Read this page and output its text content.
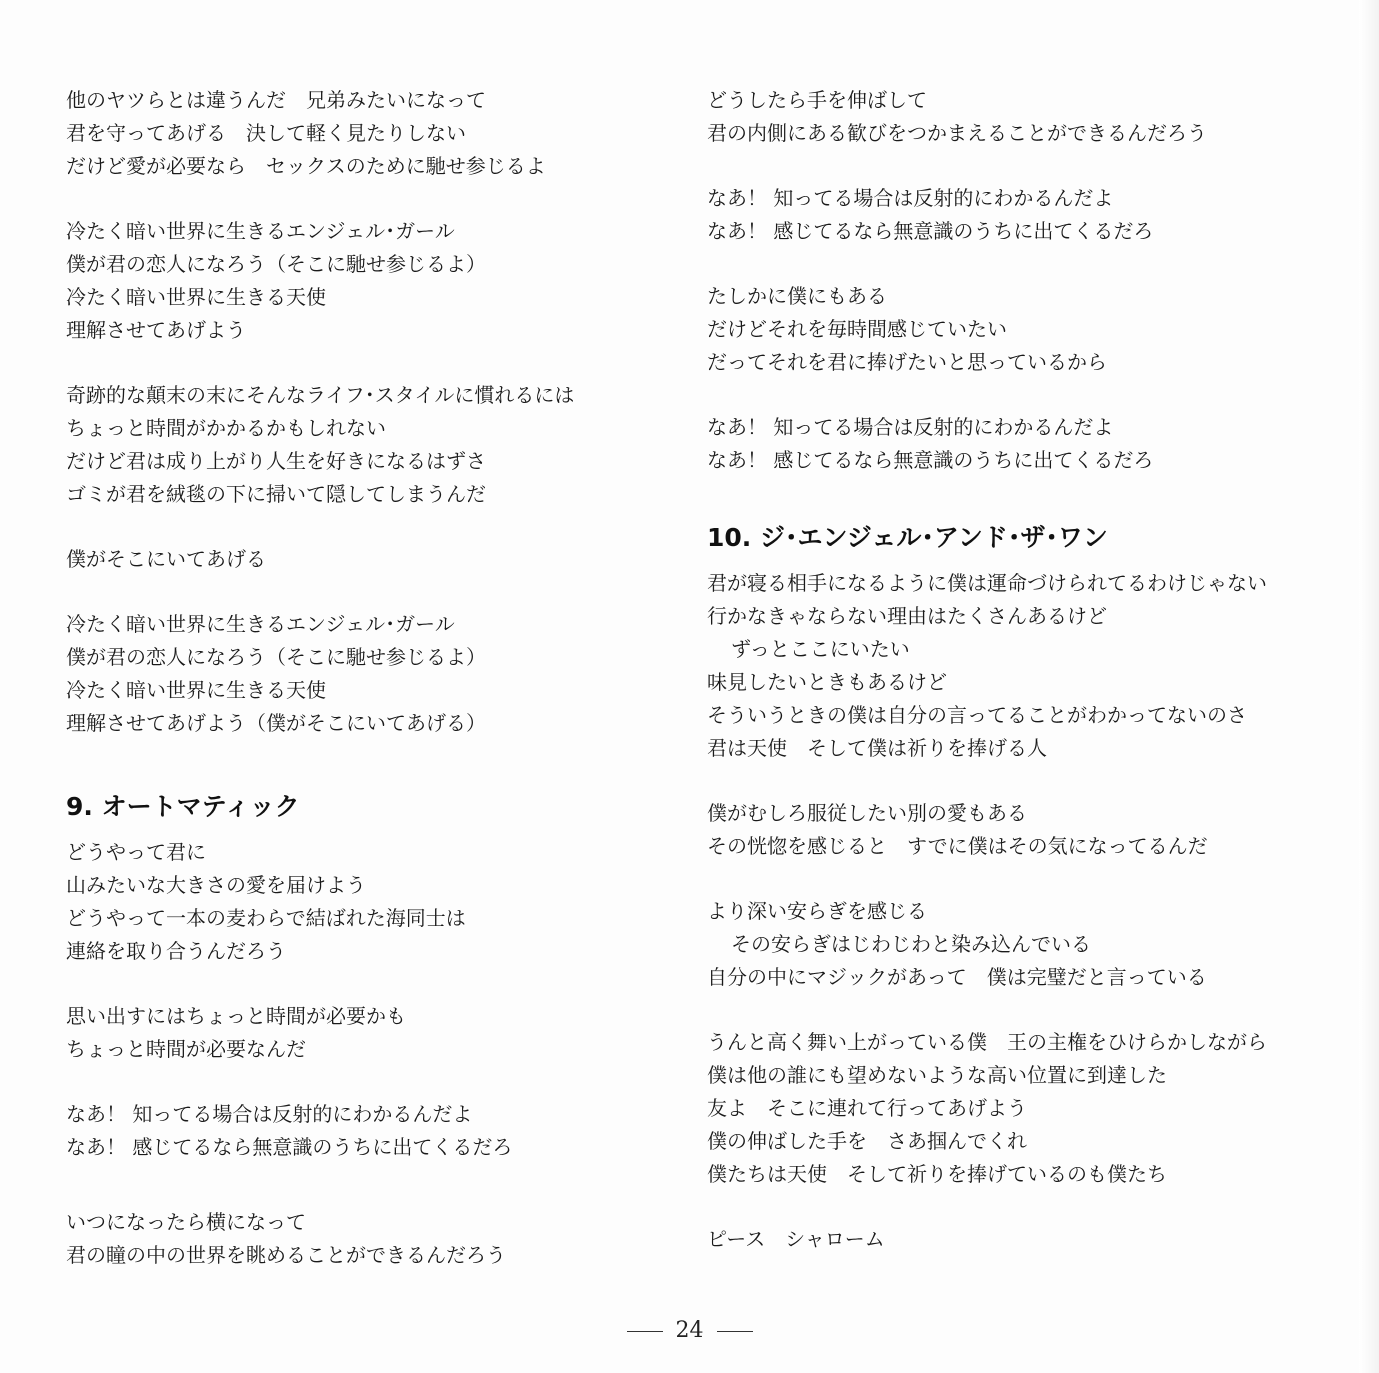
他のヤツらとは違うんだ　兄弟みたいになって
君を守ってあげる　決して軽く見たりしない
だけど愛が必要なら　セックスのために馳せ参じるよ
冷たく暗い世界に生きるエンジェル･ガール
僕が君の恋人になろう（そこに馳せ参じるよ）
冷たく暗い世界に生きる天使
理解させてあげよう
奇跡的な顛末の末にそんなライフ･スタイルに慣れるには
ちょっと時間がかかるかもしれない
だけど君は成り上がり人生を好きになるはずさ
ゴミが君を絨毯の下に掃いて隠してしまうんだ
僕がそこにいてあげる
冷たく暗い世界に生きるエンジェル･ガール
僕が君の恋人になろう（そこに馳せ参じるよ）
冷たく暗い世界に生きる天使
理解させてあげよう（僕がそこにいてあげる）
9. オートマティック
どうやって君に
山みたいな大きさの愛を届けよう
どうやって一本の麦わらで結ばれた海同士は
連絡を取り合うんだろう
思い出すにはちょっと時間が必要かも
ちょっと時間が必要なんだ
なあ！ 知ってる場合は反射的にわかるんだよ
なあ！ 感じてるなら無意識のうちに出てくるだろ
いつになったら横になって
君の瞳の中の世界を眺めることができるんだろう
どうしたら手を伸ばして
君の内側にある歓びをつかまえることができるんだろう
なあ！ 知ってる場合は反射的にわかるんだよ
なあ！ 感じてるなら無意識のうちに出てくるだろ
たしかに僕にもある
だけどそれを毎時間感じていたい
だってそれを君に捧げたいと思っているから
なあ！ 知ってる場合は反射的にわかるんだよ
なあ！ 感じてるなら無意識のうちに出てくるだろ
10. ジ･エンジェル･アンド･ザ･ワン
君が寝る相手になるように僕は運命づけられてるわけじゃない
行かなきゃならない理由はたくさんあるけど
ずっとここにいたい
味見したいときもあるけど
そういうときの僕は自分の言ってることがわかってないのさ
君は天使　そして僕は祈りを捧げる人
僕がむしろ服従したい別の愛もある
その恍惚を感じると　すでに僕はその気になってるんだ
より深い安らぎを感じる
その安らぎはじわじわと染み込んでいる
自分の中にマジックがあって　僕は完璧だと言っている
うんと高く舞い上がっている僕　王の主権をひけらかしながら
僕は他の誰にも望めないような高い位置に到達した
友よ　そこに連れて行ってあげよう
僕の伸ばした手を　さあ掴んでくれ
僕たちは天使　そして祈りを捧げているのも僕たち
ピース　シャローム
24
